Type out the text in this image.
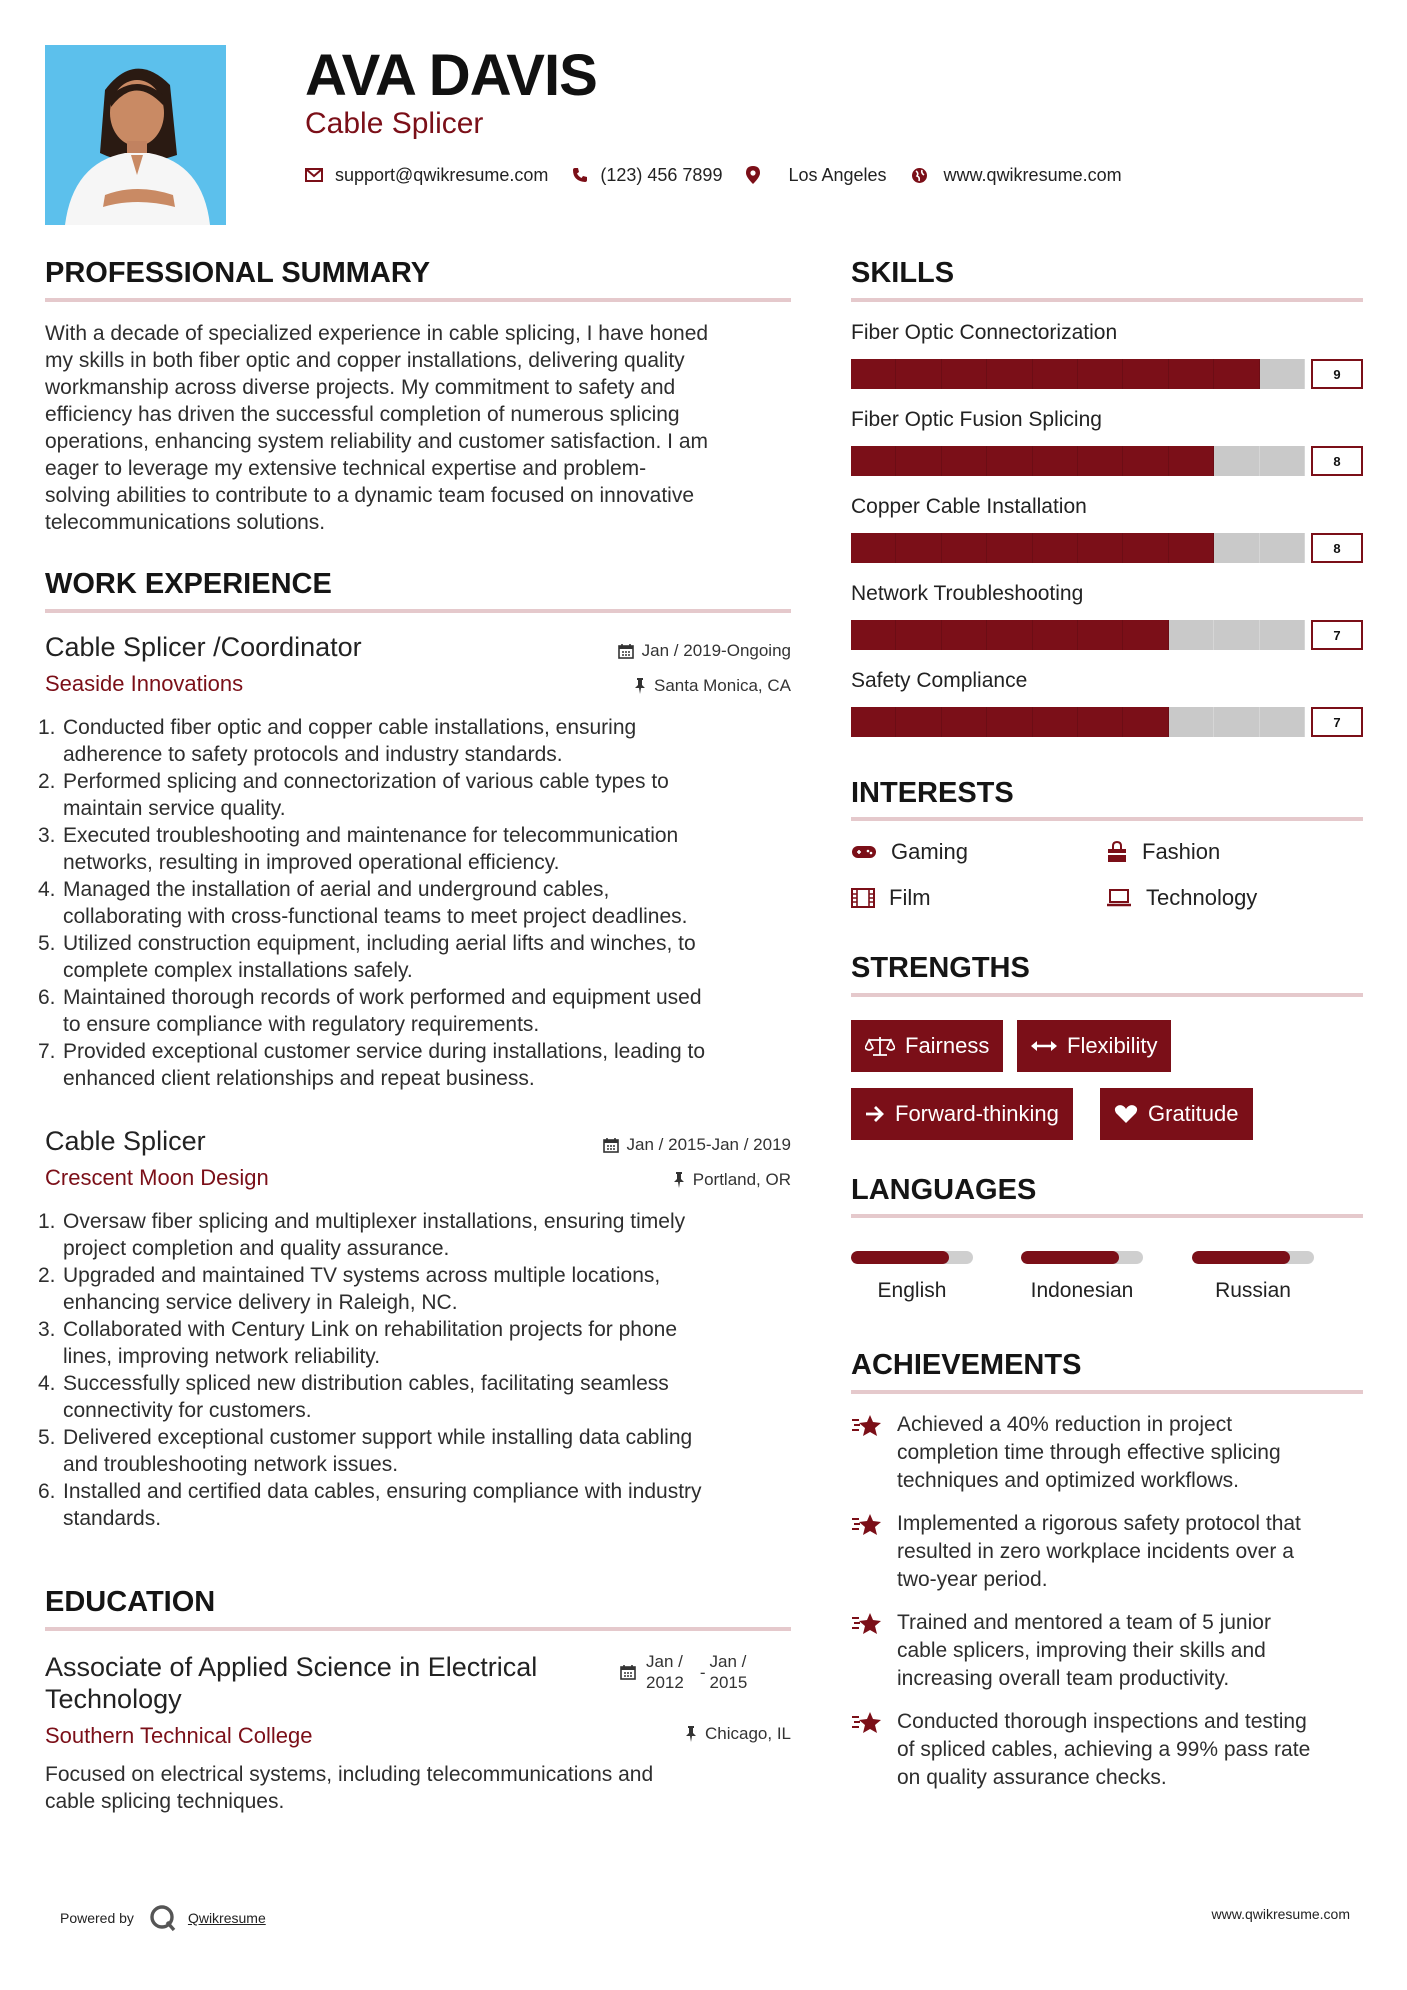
AVA DAVIS
Cable Splicer
support@qwikresume.com	(123) 456 7899	Los Angeles	www.qwikresume.com
PROFESSIONAL SUMMARY
With a decade of specialized experience in cable splicing, I have honed
my skills in both fiber optic and copper installations, delivering quality
workmanship across diverse projects. My commitment to safety and
efficiency has driven the successful completion of numerous splicing
operations, enhancing system reliability and customer satisfaction. I am
eager to leverage my extensive technical expertise and problem-
solving abilities to contribute to a dynamic team focused on innovative
telecommunications solutions.
WORK EXPERIENCE
Cable Splicer /Coordinator	Jan / 2019-Ongoing
Seaside Innovations	Santa Monica, CA
1. Conducted fiber optic and copper cable installations, ensuring
adherence to safety protocols and industry standards.
2. Performed splicing and connectorization of various cable types to
maintain service quality.
3. Executed troubleshooting and maintenance for telecommunication
networks, resulting in improved operational efficiency.
4. Managed the installation of aerial and underground cables,
collaborating with cross-functional teams to meet project deadlines.
5. Utilized construction equipment, including aerial lifts and winches, to
complete complex installations safely.
6. Maintained thorough records of work performed and equipment used
to ensure compliance with regulatory requirements.
7. Provided exceptional customer service during installations, leading to
enhanced client relationships and repeat business.
Cable Splicer	Jan / 2015-Jan / 2019
Crescent Moon Design	Portland, OR
1. Oversaw fiber splicing and multiplexer installations, ensuring timely
project completion and quality assurance.
2. Upgraded and maintained TV systems across multiple locations,
enhancing service delivery in Raleigh, NC.
3. Collaborated with Century Link on rehabilitation projects for phone
lines, improving network reliability.
4. Successfully spliced new distribution cables, facilitating seamless
connectivity for customers.
5. Delivered exceptional customer support while installing data cabling
and troubleshooting network issues.
6. Installed and certified data cables, ensuring compliance with industry
standards.
EDUCATION
Associate of Applied Science in Electrical
Technology
Jan /
2012
-
Jan /
2015
Southern Technical College	Chicago, IL
Focused on electrical systems, including telecommunications and
cable splicing techniques.
SKILLS
Fiber Optic Connectorization
9
Fiber Optic Fusion Splicing
8
Copper Cable Installation
8
Network Troubleshooting
7
Safety Compliance
7
INTERESTS
Gaming	Fashion
Film	Technology
STRENGTHS
Fairness	Flexibility
Forward-thinking	Gratitude
LANGUAGES
English	Indonesian	Russian
ACHIEVEMENTS
Achieved a 40% reduction in project
completion time through effective splicing
techniques and optimized workflows.
Implemented a rigorous safety protocol that
resulted in zero workplace incidents over a
two-year period.
Trained and mentored a team of 5 junior
cable splicers, improving their skills and
increasing overall team productivity.
Conducted thorough inspections and testing
of spliced cables, achieving a 99% pass rate
on quality assurance checks.
Powered by	Qwikresume	www.qwikresume.com
